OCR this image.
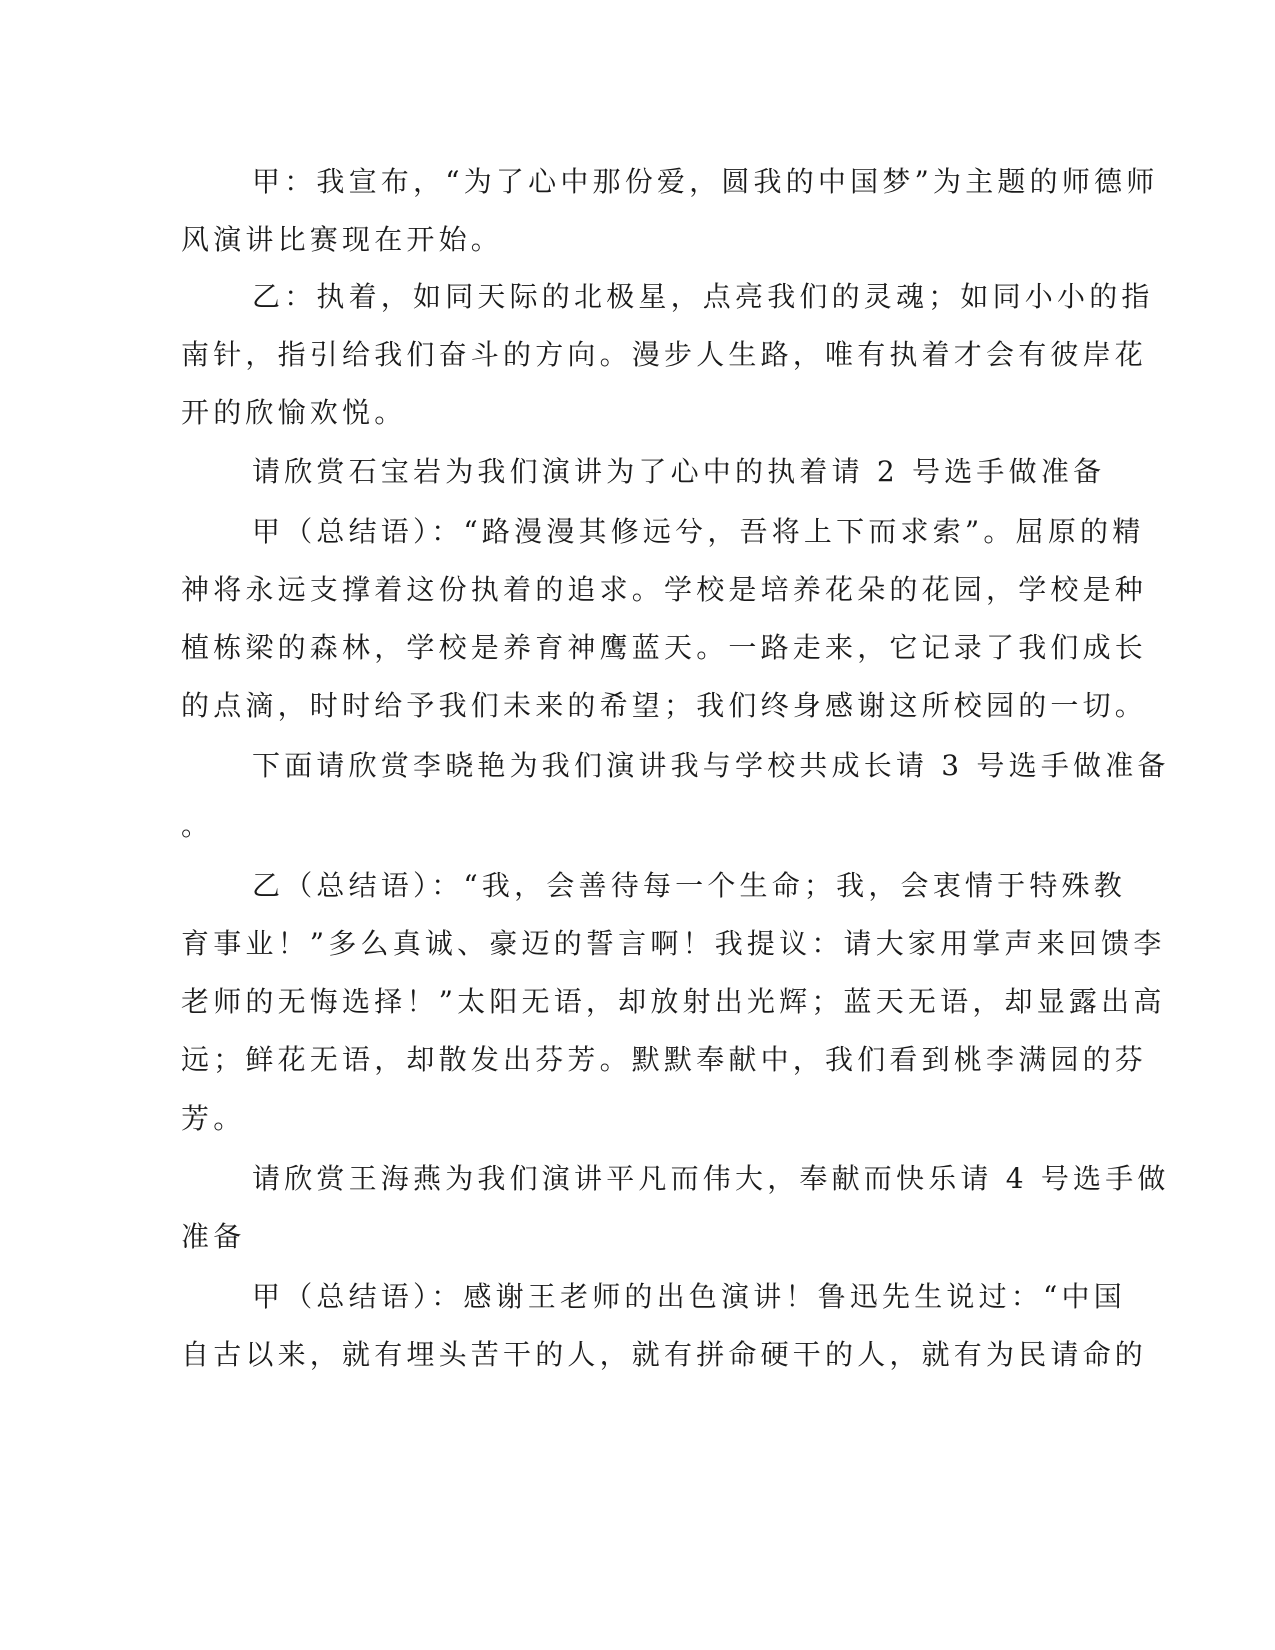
甲：我宣布，“为了心中那份爱，圆我的中国梦”为主题的师德师
风演讲比赛现在开始。
乙：执着，如同天际的北极星，点亮我们的灵魂；如同小小的指
南针，指引给我们奋斗的方向。漫步人生路，唯有执着才会有彼岸花
开的欣愉欢悦。
请欣赏石宝岩为我们演讲为了心中的执着请 2 号选手做准备
甲（总结语）：“路漫漫其修远兮，吾将上下而求索”。屈原的精
神将永远支撑着这份执着的追求。学校是培养花朵的花园，学校是种
植栋梁的森林，学校是养育神鹰蓝天。一路走来，它记录了我们成长
的点滴，时时给予我们未来的希望；我们终身感谢这所校园的一切。
下面请欣赏李晓艳为我们演讲我与学校共成长请 3 号选手做准备
。
乙（总结语）：“我，会善待每一个生命；我，会衷情于特殊教
育事业！”多么真诚、豪迈的誓言啊！我提议：请大家用掌声来回馈李
老师的无悔选择！”太阳无语，却放射出光辉；蓝天无语，却显露出高
远；鲜花无语，却散发出芬芳。默默奉献中，我们看到桃李满园的芬
芳。
请欣赏王海燕为我们演讲平凡而伟大，奉献而快乐请 4 号选手做
准备
甲（总结语）：感谢王老师的出色演讲！鲁迅先生说过：“中国
自古以来，就有埋头苦干的人，就有拼命硬干的人，就有为民请命的
